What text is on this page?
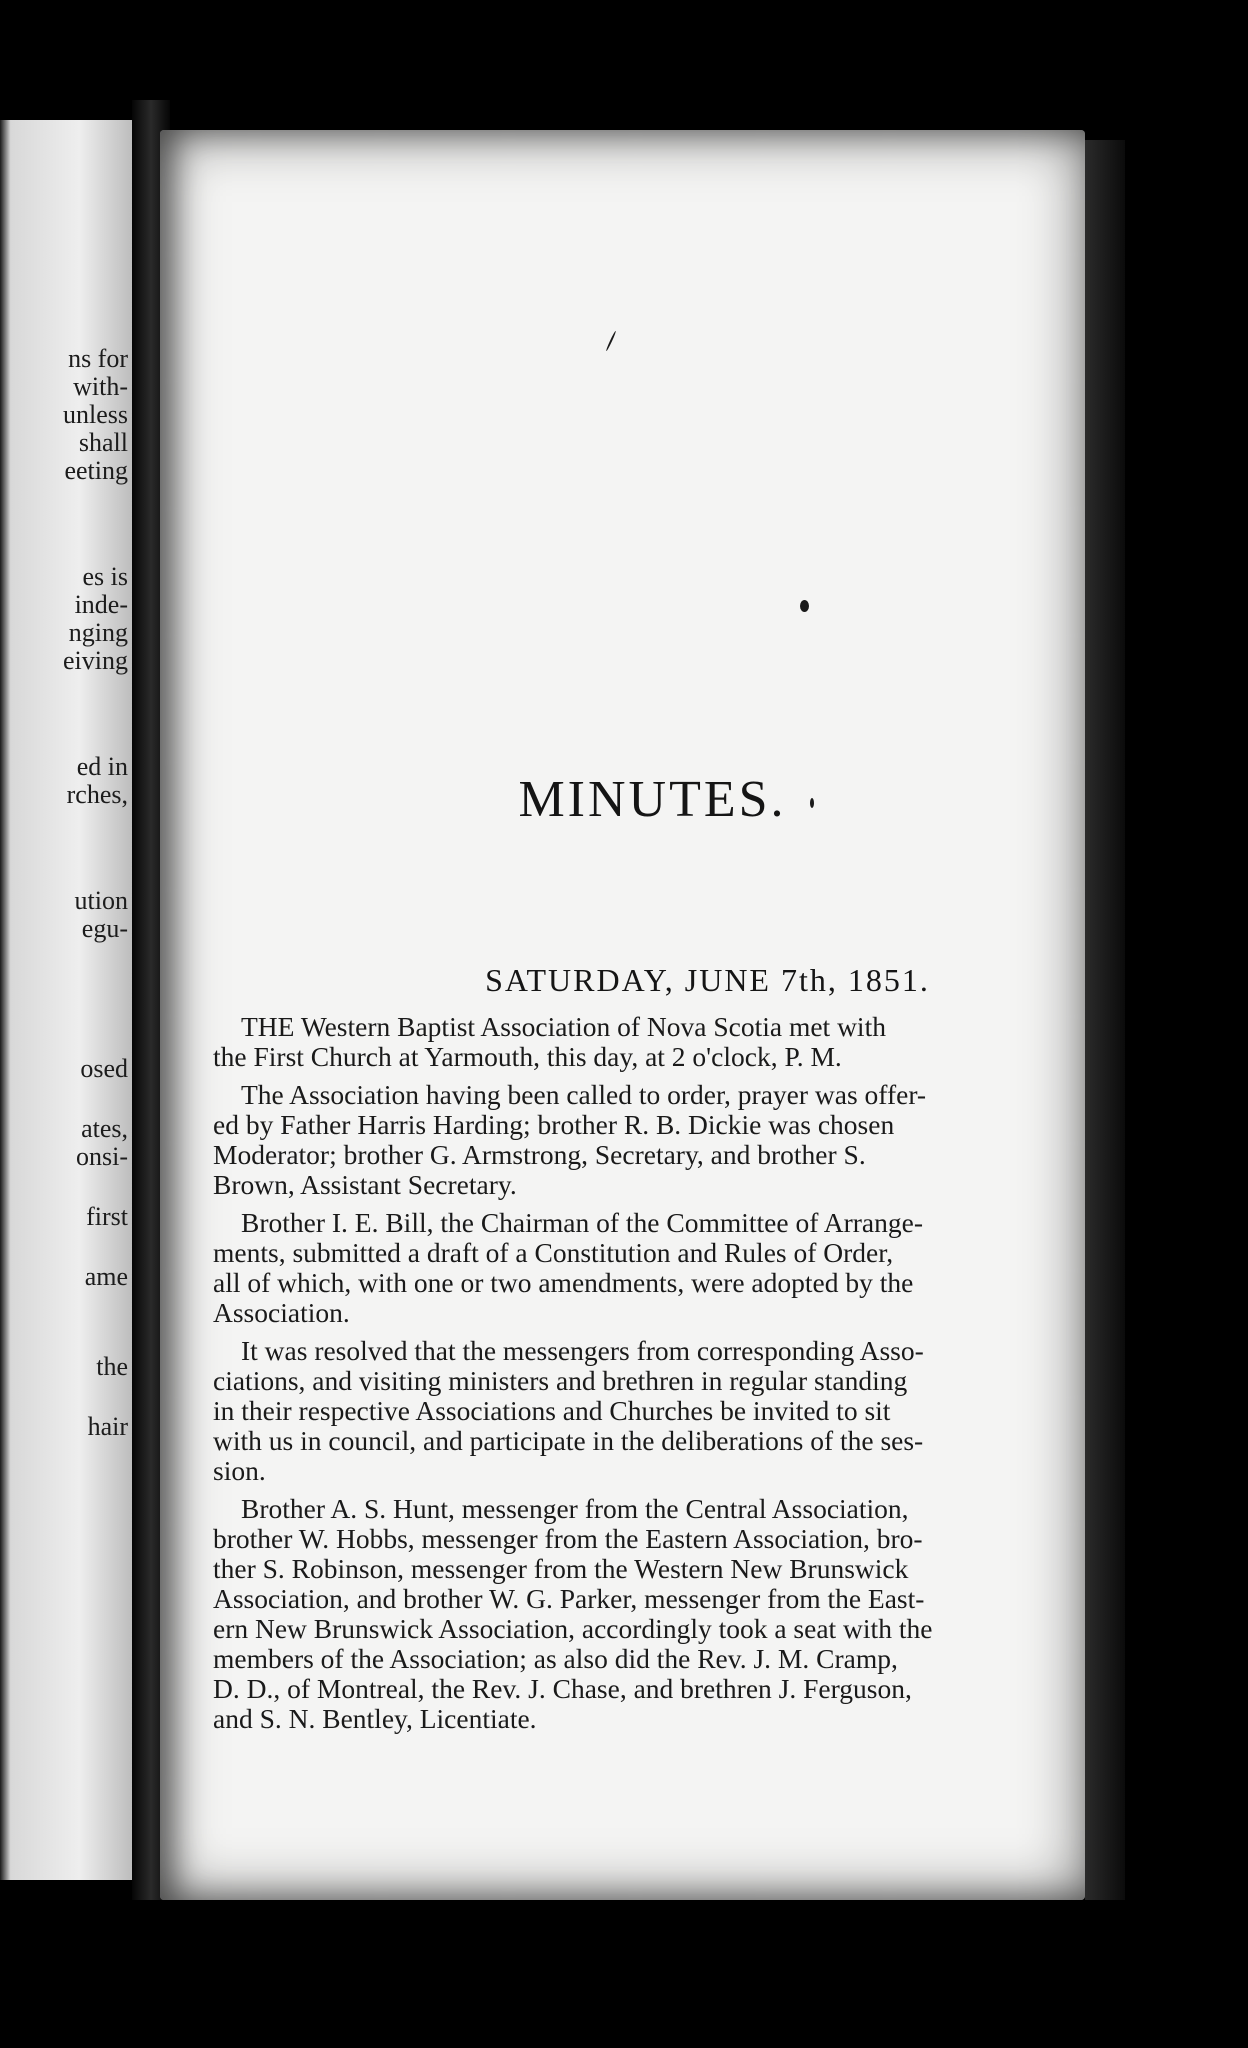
ns for
with-
unless
shall
eeting
es is
inde-
nging
eiving
ed in
rches,
ution
egu-
osed
ates,
onsi-
first
ame
the
hair
MINUTES.
SATURDAY, JUNE 7th, 1851.

THE Western Baptist Association of Nova Scotia met with
the First Church at Yarmouth, this day, at 2 o'clock, P. M.

The Association having been called to order, prayer was offer-
ed by Father Harris Harding; brother R. B. Dickie was chosen
Moderator; brother G. Armstrong, Secretary, and brother S.
Brown, Assistant Secretary.

Brother I. E. Bill, the Chairman of the Committee of Arrange-
ments, submitted a draft of a Constitution and Rules of Order,
all of which, with one or two amendments, were adopted by the
Association.

It was resolved that the messengers from corresponding Asso-
ciations, and visiting ministers and brethren in regular standing
in their respective Associations and Churches be invited to sit
with us in council, and participate in the deliberations of the ses-
sion.

Brother A. S. Hunt, messenger from the Central Association,
brother W. Hobbs, messenger from the Eastern Association, bro-
ther S. Robinson, messenger from the Western New Brunswick
Association, and brother W. G. Parker, messenger from the East-
ern New Brunswick Association, accordingly took a seat with the
members of the Association; as also did the Rev. J. M. Cramp,
D. D., of Montreal, the Rev. J. Chase, and brethren J. Ferguson,
and S. N. Bentley, Licentiate.
